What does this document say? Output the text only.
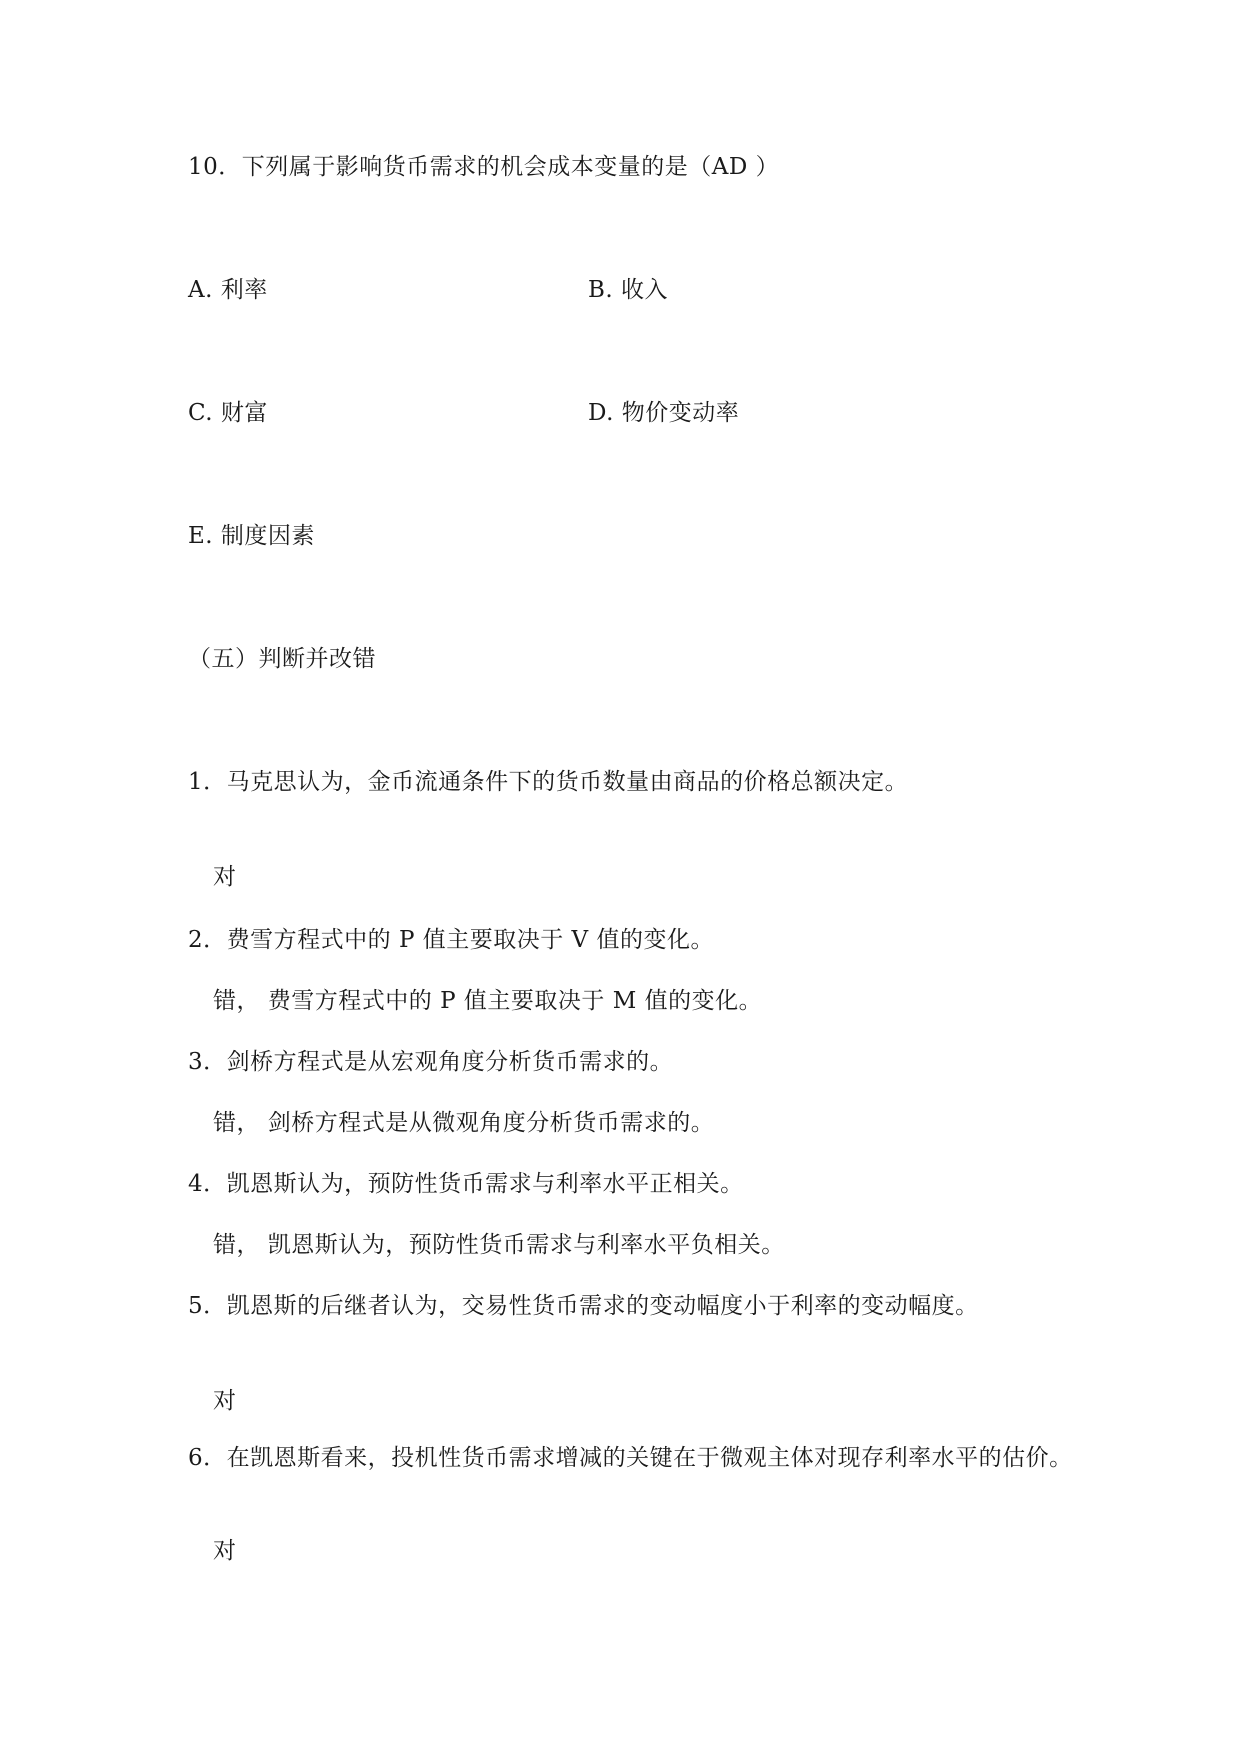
10．下列属于影响货币需求的机会成本变量的是（AD ）
A. 利率	B. 收入
C. 财富	D. 物价变动率
E. 制度因素
（五）判断并改错
1．马克思认为，金币流通条件下的货币数量由商品的价格总额决定。
对
2．费雪方程式中的 P 值主要取决于 V 值的变化。
错， 费雪方程式中的 P 值主要取决于 M 值的变化。
3．剑桥方程式是从宏观角度分析货币需求的。
错， 剑桥方程式是从微观角度分析货币需求的。
4．凯恩斯认为，预防性货币需求与利率水平正相关。
错， 凯恩斯认为，预防性货币需求与利率水平负相关。
5．凯恩斯的后继者认为，交易性货币需求的变动幅度小于利率的变动幅度。
对
6．在凯恩斯看来，投机性货币需求增减的关键在于微观主体对现存利率水平的估价。
对
